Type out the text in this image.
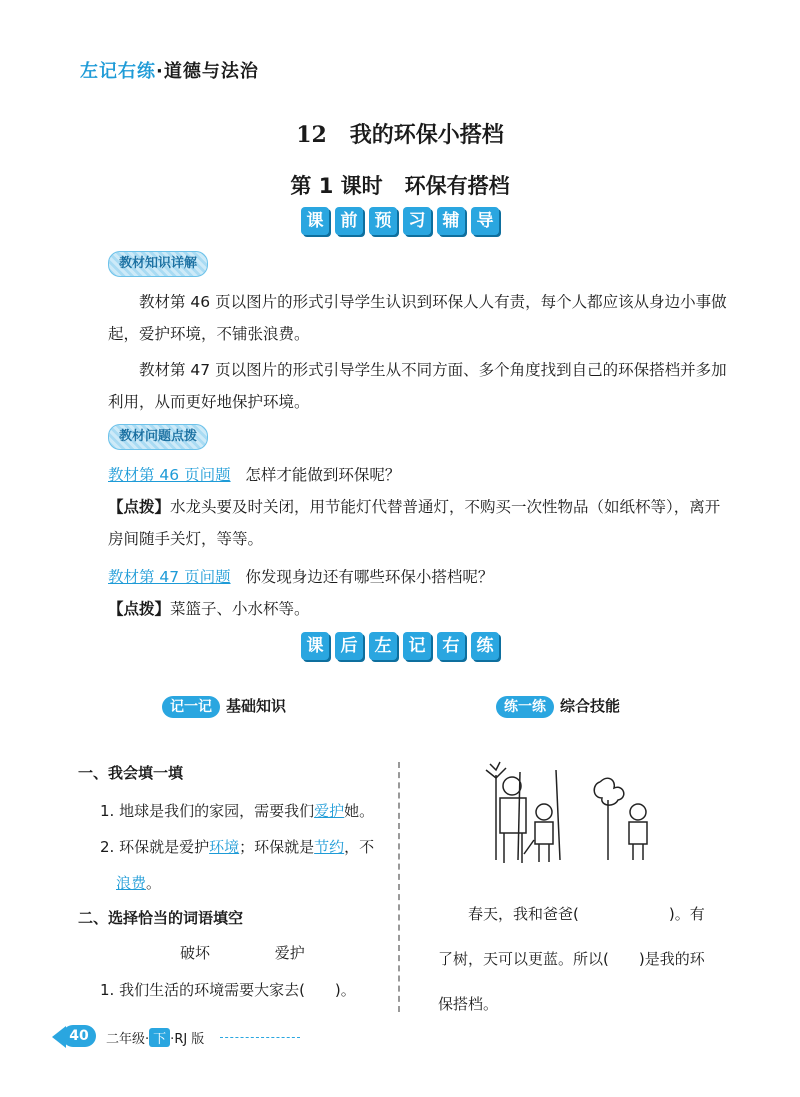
左记右练·道德与法治
12 我的环保小搭档
第 1 课时 环保有搭档
课 前 预 习 辅 导
教材知识详解

教材第 46 页以图片的形式引导学生认识到环保人人有责，每个人都应该从身边小事做起，爱护环境，不铺张浪费。

教材第 47 页以图片的形式引导学生从不同方面、多个角度找到自己的环保搭档并多加利用，从而更好地保护环境。

教材问题点拨
教材第 46 页问题 怎样才能做到环保呢？
【点拨】水龙头要及时关闭，用节能灯代替普通灯，不购买一次性物品（如纸杯等），离开房间随手关灯，等等。
教材第 47 页问题 你发现身边还有哪些环保小搭档呢？
【点拨】菜篮子、小水杯等。
课 后 左 记 右 练
记一记 基础知识	练一练 综合技能
一、我会填一填
1. 地球是我们的家园，需要我们爱护她。
2. 环保就是爱护环境；环保就是节约，不
浪费。
二、选择恰当的词语填空
破坏	爱护
1. 我们生活的环境需要大家去(　　)。
春天，我和爸爸(　　　　　　)。有
了树，天可以更蓝。所以(　　)是我的环
保搭档。
40	二年级· 下 ·RJ 版
